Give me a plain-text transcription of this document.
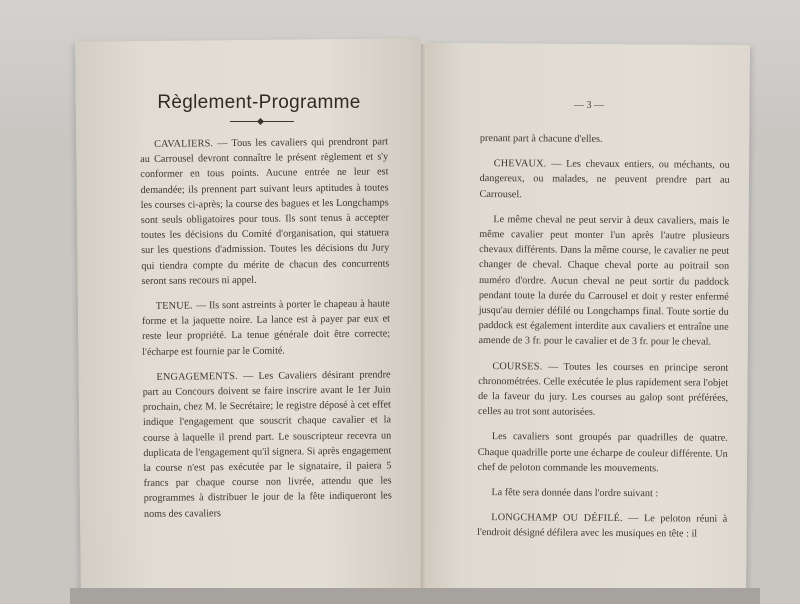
Règlement-Programme

CAVALIERS. — Tous les cavaliers qui prendront part au Carrousel devront connaître le présent règlement et s'y conformer en tous points. Aucune entrée ne leur est demandée; ils prennent part suivant leurs aptitudes à toutes les courses ci-après; la course des bagues et les Longchamps sont seuls obligatoires pour tous. Ils sont tenus à accepter toutes les décisions du Comité d'organisation, qui statuera sur les questions d'admission. Toutes les décisions du Jury qui tiendra compte du mérite de chacun des concurrents seront sans recours ni appel.

TENUE. — Ils sont astreints à porter le chapeau à haute forme et la jaquette noire. La lance est à payer par eux et reste leur propriété. La tenue générale doit être correcte; l'écharpe est fournie par le Comité.

ENGAGEMENTS. — Les Cavaliers désirant prendre part au Concours doivent se faire inscrire avant le 1er Juin prochain, chez M. le Secrétaire; le registre déposé à cet effet indique l'engagement que souscrit chaque cavalier et la course à laquelle il prend part. Le souscripteur recevra un duplicata de l'engagement qu'il signera. Si après engagement la course n'est pas exécutée par le signataire, il paiera 5 francs par chaque course non livrée, attendu que les programmes à distribuer le jour de la fête indiqueront les noms des cavaliers

— 3 —

prenant part à chacune d'elles.

CHEVAUX. — Les chevaux entiers, ou méchants, ou dangereux, ou malades, ne peuvent prendre part au Carrousel.

Le même cheval ne peut servir à deux cavaliers, mais le même cavalier peut monter l'un après l'autre plusieurs chevaux différents. Dans la même course, le cavalier ne peut changer de cheval. Chaque cheval porte au poitrail son numéro d'ordre. Aucun cheval ne peut sortir du paddock pendant toute la durée du Carrousel et doit y rester enfermé jusqu'au dernier défilé ou Longchamps final. Toute sortie du paddock est également interdite aux cavaliers et entraîne une amende de 3 fr. pour le cavalier et de 3 fr. pour le cheval.

COURSES. — Toutes les courses en principe seront chronométrées. Celle exécutée le plus rapidement sera l'objet de la faveur du jury. Les courses au galop sont préférées, celles au trot sont autorisées.

Les cavaliers sont groupés par quadrilles de quatre. Chaque quadrille porte une écharpe de couleur différente. Un chef de peloton commande les mouvements.

La fête sera donnée dans l'ordre suivant :

LONGCHAMP OU DÉFILÉ. — Le peloton réuni à l'endroit désigné défilera avec les musiques en tête : il
